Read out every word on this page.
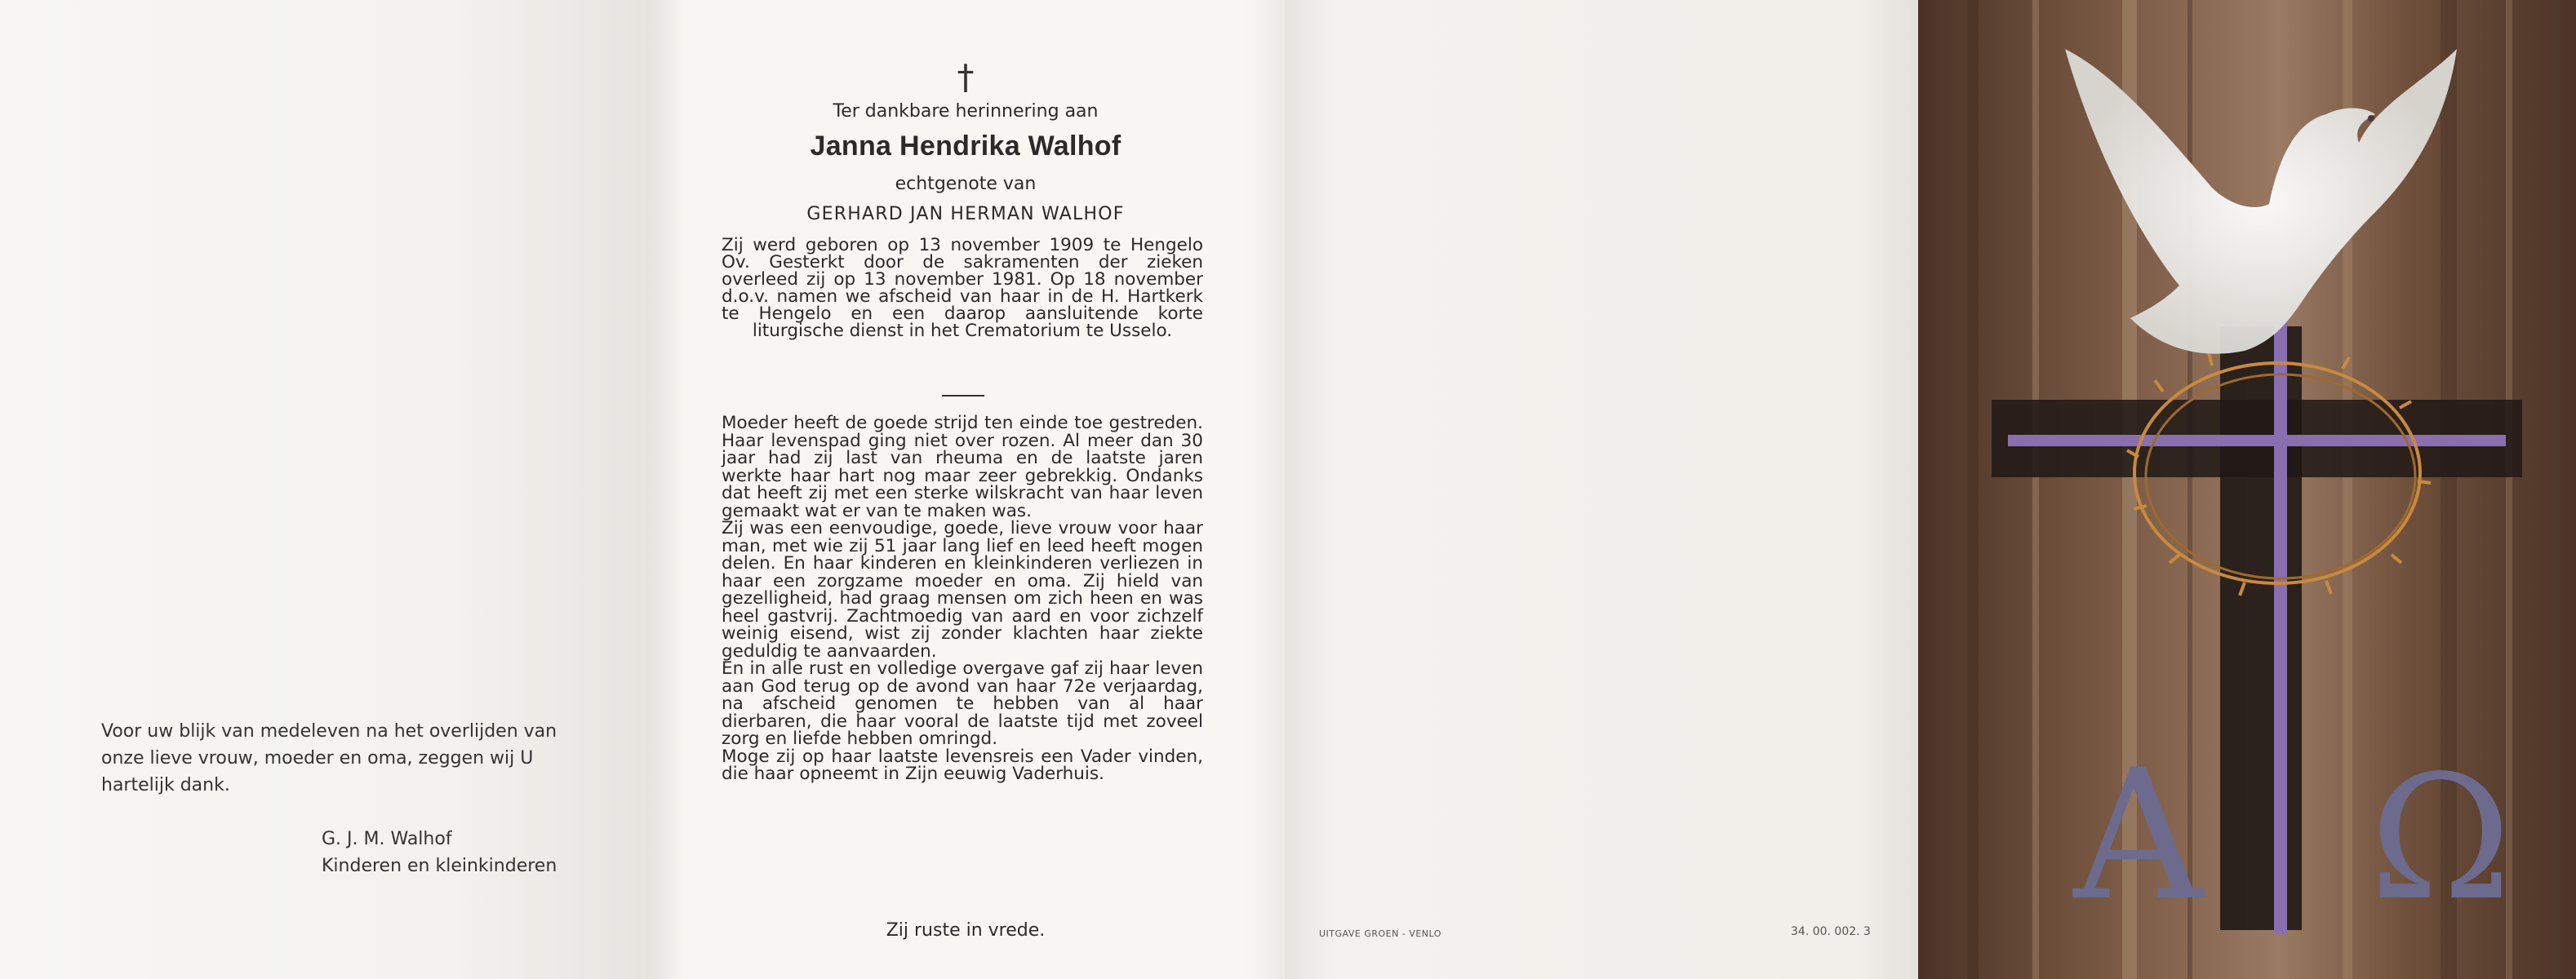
Voor uw blijk van medeleven na het overlijden van onze lieve vrouw, moeder en oma, zeggen wij U hartelijk dank.

G. J. M. Walhof
Kinderen en kleinkinderen
†
Ter dankbare herinnering aan
Janna Hendrika Walhof
echtgenote van
GERHARD JAN HERMAN WALHOF

Zij werd geboren op 13 november 1909 te Hengelo Ov. Gesterkt door de sakramenten der zieken overleed zij op 13 november 1981. Op 18 november d.o.v. namen we afscheid van haar in de H. Hartkerk te Hengelo en een daarop aansluitende korte liturgische dienst in het Crematorium te Usselo.

Moeder heeft de goede strijd ten einde toe gestreden. Haar levenspad ging niet over rozen. Al meer dan 30 jaar had zij last van rheuma en de laatste jaren werkte haar hart nog maar zeer gebrekkig. Ondanks dat heeft zij met een sterke wilskracht van haar leven gemaakt wat er van te maken was.
Zij was een eenvoudige, goede, lieve vrouw voor haar man, met wie zij 51 jaar lang lief en leed heeft mogen delen. En haar kinderen en kleinkinderen verliezen in haar een zorgzame moeder en oma. Zij hield van gezelligheid, had graag mensen om zich heen en was heel gastvrij. Zachtmoedig van aard en voor zichzelf weinig eisend, wist zij zonder klachten haar ziekte geduldig te aanvaarden.
En in alle rust en volledige overgave gaf zij haar leven aan God terug op de avond van haar 72e verjaardag, na afscheid genomen te hebben van al haar dierbaren, die haar vooral de laatste tijd met zoveel zorg en liefde hebben omringd.
Moge zij op haar laatste levensreis een Vader vinden, die haar opneemt in Zijn eeuwig Vaderhuis.
Zij ruste in vrede.	UITGAVE GROEN - VENLO	34. 00. 002. 3 A Ω
